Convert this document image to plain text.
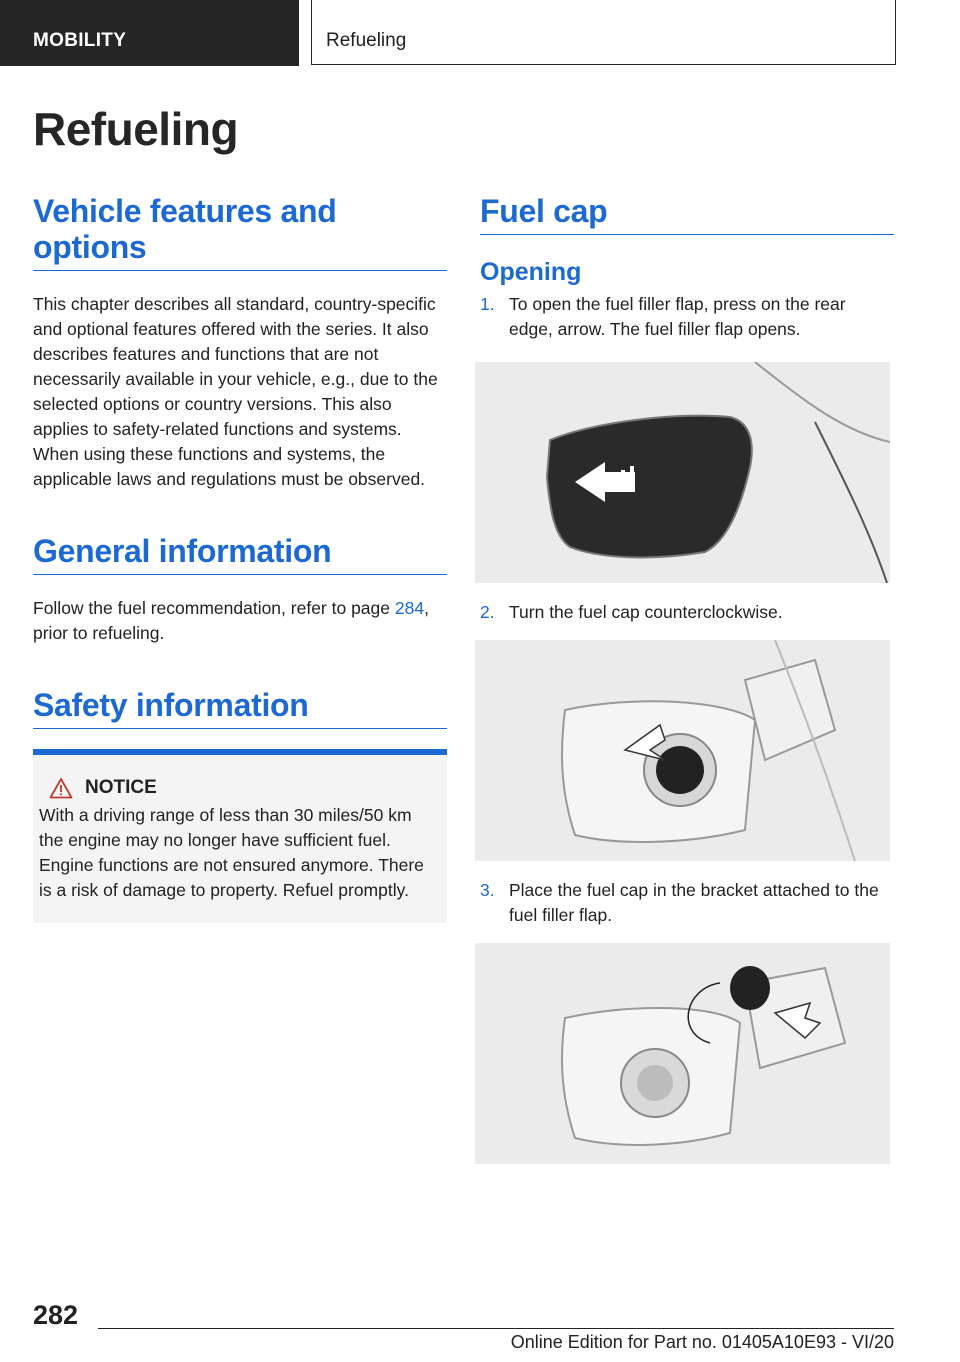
MOBILITY	Refueling
Refueling
Vehicle features and options

This chapter describes all standard, country-specific and optional features offered with the series. It also describes features and functions that are not necessarily available in your vehicle, e.g., due to the selected options or country versions. This also applies to safety-related functions and systems. When using these functions and systems, the applicable laws and regulations must be observed.

General information

Follow the fuel recommendation, refer to page 284, prior to refueling.

Safety information
NOTICE

With a driving range of less than 30 miles/50 km the engine may no longer have sufficient fuel. Engine functions are not ensured anymore. There is a risk of damage to property. Refuel promptly.

Fuel cap
Opening
1. To open the fuel filler flap, press on the rear edge, arrow. The fuel filler flap opens.
2. Turn the fuel cap counterclockwise.
3. Place the fuel cap in the bracket attached to the fuel filler flap.
282
Online Edition for Part no. 01405A10E93 - VI/20
